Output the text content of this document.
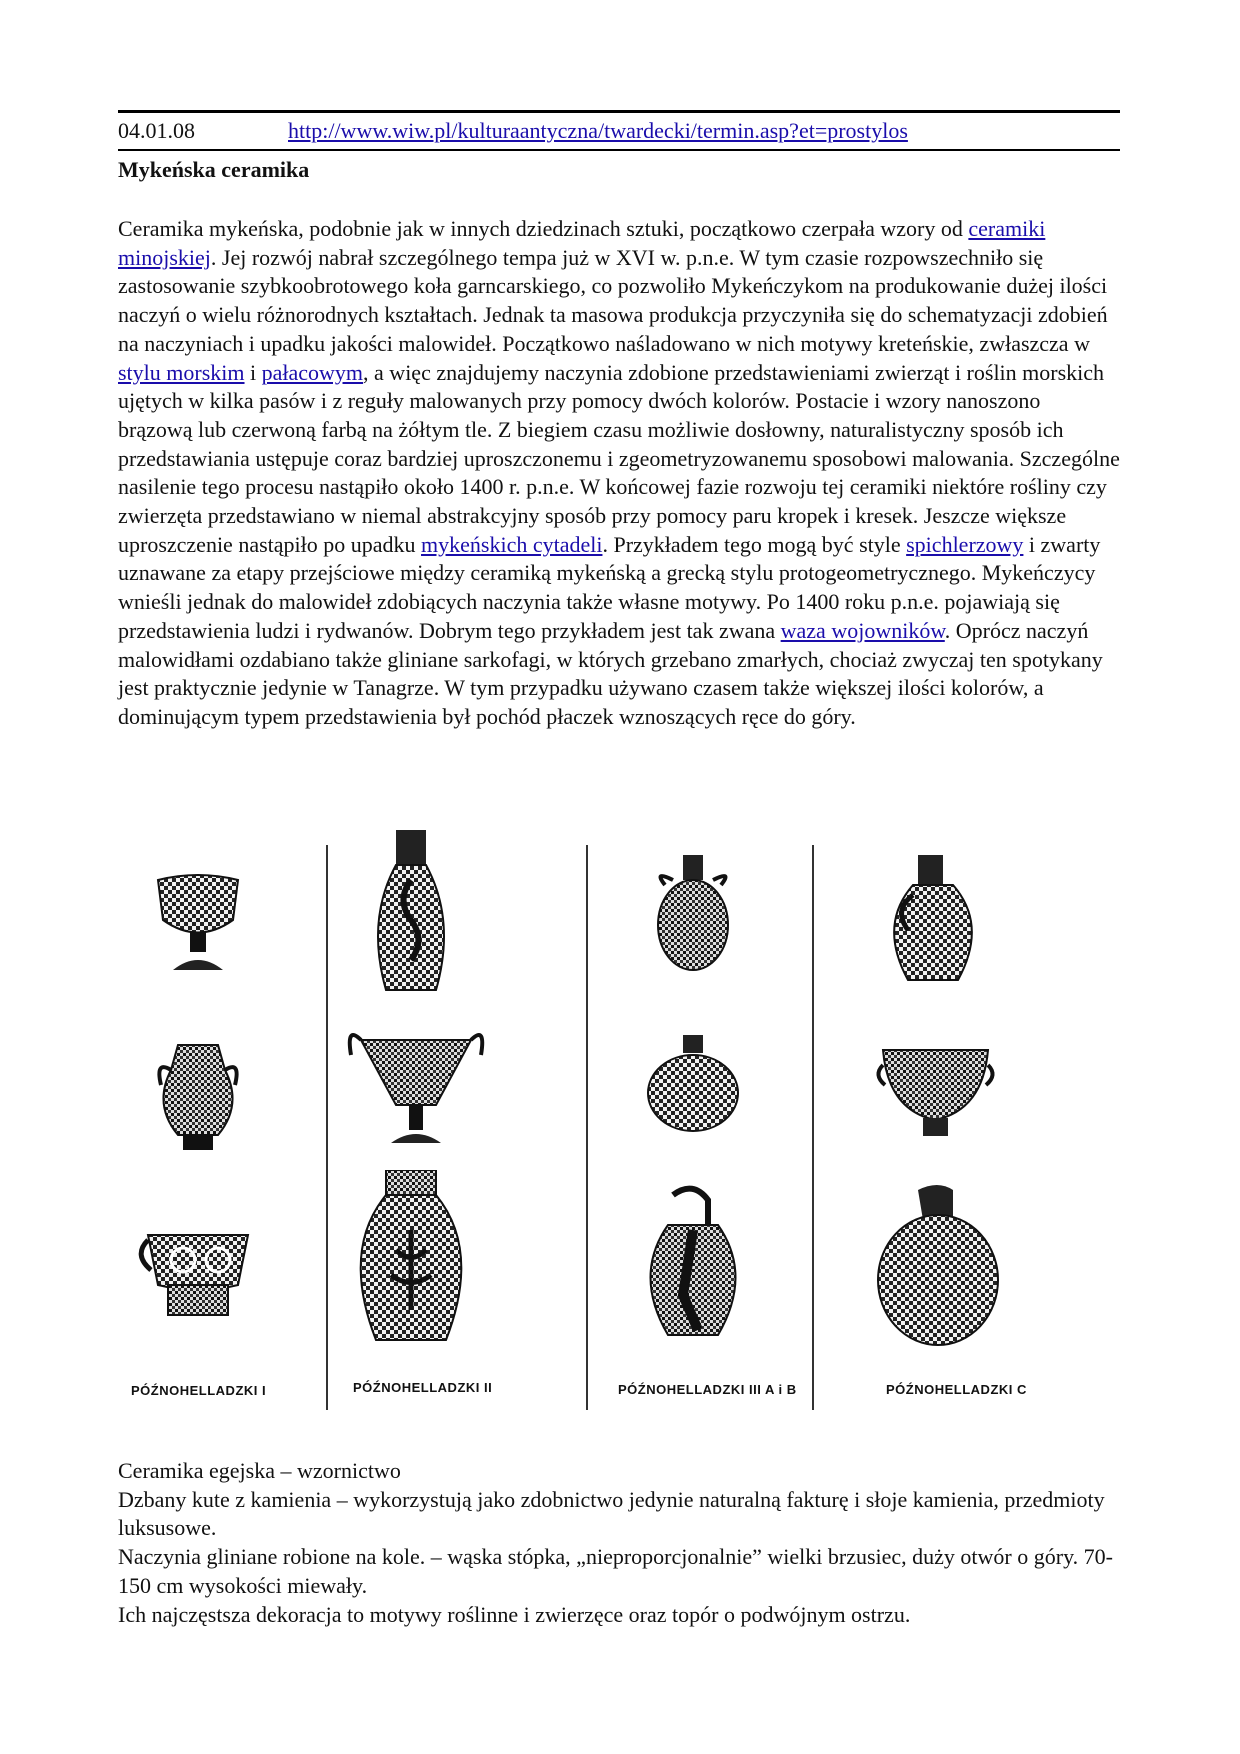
04.01.08	http://www.wiw.pl/kulturaantyczna/twardecki/termin.asp?et=prostylos
Mykeńska ceramika
Ceramika mykeńska, podobnie jak w innych dziedzinach sztuki, początkowo czerpała wzory od ceramiki minojskiej. Jej rozwój nabrał szczególnego tempa już w XVI w. p.n.e. W tym czasie rozpowszechniło się zastosowanie szybkoobrotowego koła garncarskiego, co pozwoliło Mykeńczykom na produkowanie dużej ilości naczyń o wielu różnorodnych kształtach. Jednak ta masowa produkcja przyczyniła się do schematyzacji zdobień na naczyniach i upadku jakości malowideł. Początkowo naśladowano w nich motywy kreteńskie, zwłaszcza w stylu morskim i pałacowym, a więc znajdujemy naczynia zdobione przedstawieniami zwierząt i roślin morskich ujętych w kilka pasów i z reguły malowanych przy pomocy dwóch kolorów. Postacie i wzory nanoszono brązową lub czerwoną farbą na żółtym tle. Z biegiem czasu możliwie dosłowny, naturalistyczny sposób ich przedstawiania ustępuje coraz bardziej uproszczonemu i zgeometryzowanemu sposobowi malowania. Szczególne nasilenie tego procesu nastąpiło około 1400 r. p.n.e. W końcowej fazie rozwoju tej ceramiki niektóre rośliny czy zwierzęta przedstawiano w niemal abstrakcyjny sposób przy pomocy paru kropek i kresek. Jeszcze większe uproszczenie nastąpiło po upadku mykeńskich cytadeli. Przykładem tego mogą być style spichlerzowy i zwarty uznawane za etapy przejściowe między ceramiką mykeńską a grecką stylu protogeometrycznego. Mykeńczycy wnieśli jednak do malowideł zdobiących naczynia także własne motywy. Po 1400 roku p.n.e. pojawiają się przedstawienia ludzi i rydwanów. Dobrym tego przykładem jest tak zwana waza wojowników. Oprócz naczyń malowidłami ozdabiano także gliniane sarkofagi, w których grzebano zmarłych, chociaż zwyczaj ten spotykany jest praktycznie jedynie w Tanagrze. W tym przypadku używano czasem także większej ilości kolorów, a dominującym typem przedstawienia był pochód płaczek wznoszących ręce do góry.
PÓŹNOHELLADZKI I	PÓŹNOHELLADZKI II	PÓŹNOHELLADZKI III A i B	PÓŹNOHELLADZKI C

Ceramika egejska – wzornictwo

Dzbany kute z kamienia – wykorzystują jako zdobnictwo jedynie naturalną fakturę i słoje kamienia, przedmioty luksusowe.

Naczynia gliniane robione na kole. – wąska stópka, „nieproporcjonalnie” wielki brzusiec, duży otwór o góry. 70-150 cm wysokości miewały.

Ich najczęstsza dekoracja to motywy roślinne i zwierzęce oraz topór o podwójnym ostrzu.
